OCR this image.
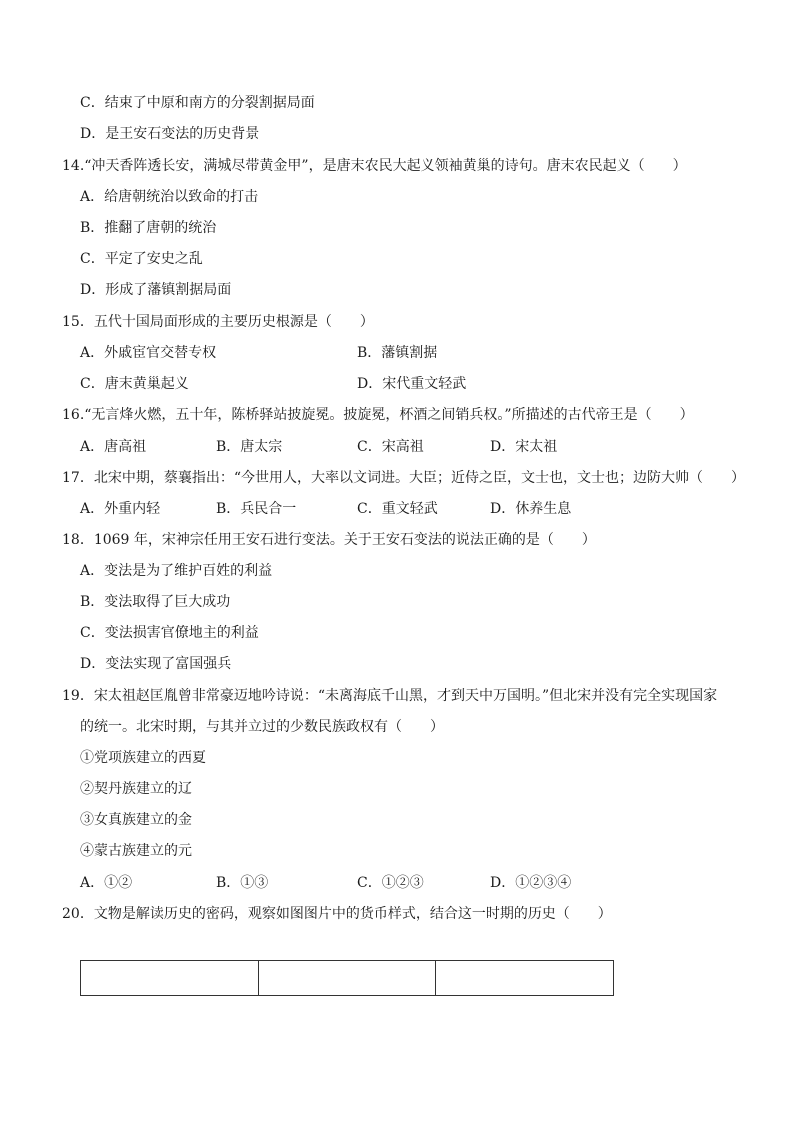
C．结束了中原和南方的分裂割据局面
D．是王安石变法的历史背景
14.“冲天香阵透长安，满城尽带黄金甲”，是唐末农民大起义领袖黄巢的诗句。唐末农民起义（　　）
A．给唐朝统治以致命的打击
B．推翻了唐朝的统治
C．平定了安史之乱
D．形成了藩镇割据局面
15．五代十国局面形成的主要历史根源是（　　）
A．外戚宦官交替专权	B．藩镇割据
C．唐末黄巢起义	D．宋代重文轻武
16.“无言烽火燃，五十年，陈桥驿站披旋冕。披旋冕，杯酒之间销兵权。”所描述的古代帝王是（　　）
A．唐高祖	B．唐太宗	C．宋高祖	D．宋太祖
17．北宋中期，蔡襄指出：“今世用人，大率以文词进。大臣；近侍之臣，文士也，文士也；边防大帅（　　）
A．外重内轻	B．兵民合一	C．重文轻武	D．休养生息
18．1069 年，宋神宗任用王安石进行变法。关于王安石变法的说法正确的是（　　）
A．变法是为了维护百姓的利益
B．变法取得了巨大成功
C．变法损害官僚地主的利益
D．变法实现了富国强兵
19．宋太祖赵匡胤曾非常豪迈地吟诗说：“未离海底千山黑，才到天中万国明。”但北宋并没有完全实现国家
的统一。北宋时期，与其并立过的少数民族政权有（　　）
①党项族建立的西夏
②契丹族建立的辽
③女真族建立的金
④蒙古族建立的元
A．①②	B．①③	C．①②③	D．①②③④
20．文物是解读历史的密码，观察如图图片中的货币样式，结合这一时期的历史（　　）
